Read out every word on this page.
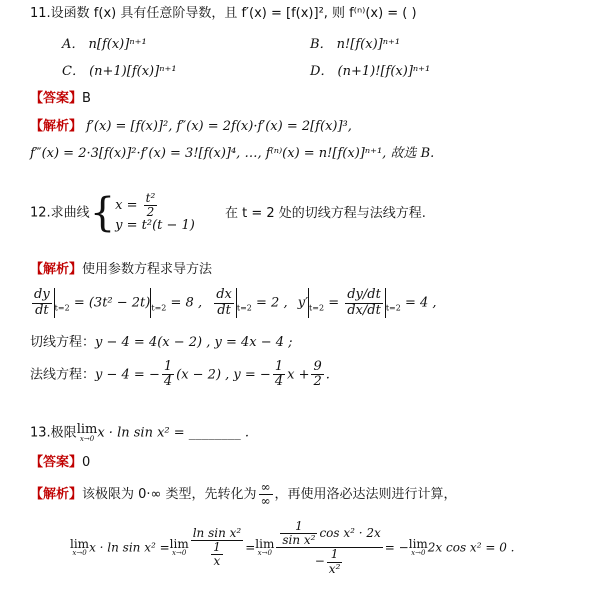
11.设函数 f(x) 具有任意阶导数，且 f′(x) = [f(x)]², 则 f⁽ⁿ⁾(x) = ( )
A． n[f(x)]ⁿ⁺¹	B． n![f(x)]ⁿ⁺¹
C． (n+1)[f(x)]ⁿ⁺¹	D． (n+1)![f(x)]ⁿ⁺¹
【答案】B
【解析】 f′(x) = [f(x)]², f″(x) = 2f(x)·f′(x) = 2[f(x)]³,
f‴(x) = 2·3[f(x)]²·f′(x) = 3![f(x)]⁴, …, f⁽ⁿ⁾(x) = n![f(x)]ⁿ⁺¹, 故选 B.
12.求曲线{ $x = \frac{\text{t²}}{2}$
y = t²(t − 1)
在 t = 2 处的切线方程与法线方程.
【解析】使用参数方程求导方法
$\frac{dy}{dt} _{t=2} = (3t^2 - 2t)_{t=2} = 8$ , $\frac{dx}{dt} _{t=2} = 2$ , $y'_{t=2} = \frac{dy/dt}{dx/dt} _{t=2} = 4$ ,
切线方程：y − 4 = 4(x − 2) , y = 4x − 4 ;
法线方程：y − 4 = − $\frac{1}{4} (x - 2)$ , y = − $\frac{1}{4}$ $x + \frac{9}{2}$ .
13.极限 lim
x→0 x · ln sin x² = ________ .
【答案】0
【解析】该极限为 0·∞ 类型，先转化为 $\frac{\infty}{\infty}$ ，再使用洛必达法则进行计算，
lim
x→0 x · ln sin x² = lim
$x\to 0 \frac{\text{ln sin x²}}{\frac{1}{x}} = \lim$
$x\to 0 \frac{\frac{1}{\text{sin x²}} \cos x^2 \cdot 2x}{- \frac{1}{\text{x²}}}$ = − lim
x→0 2x cos x² = 0 .
